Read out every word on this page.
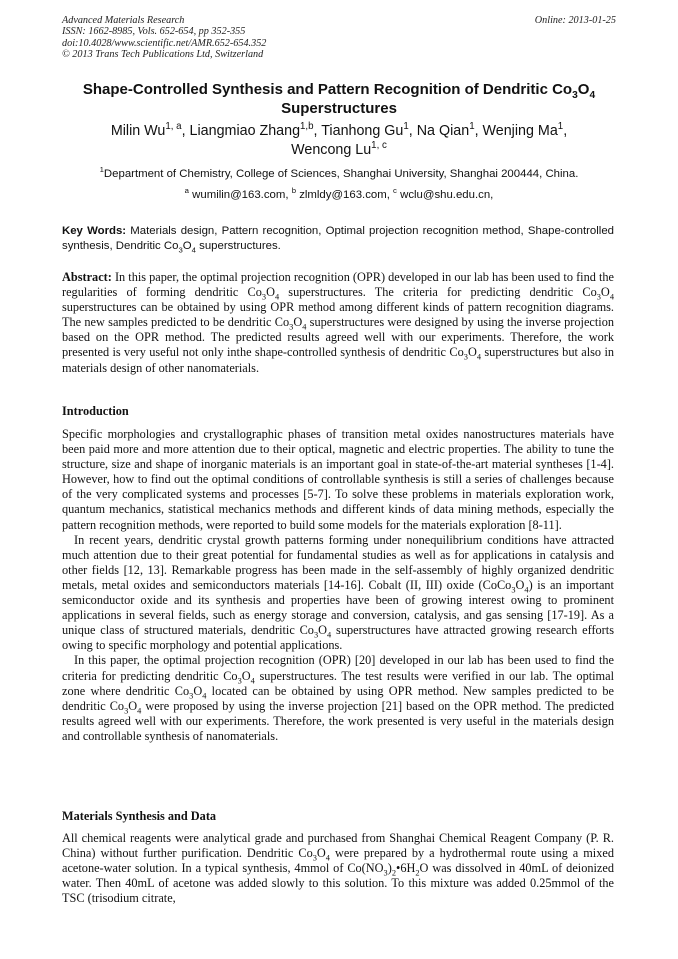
Advanced Materials Research
ISSN: 1662-8985, Vols. 652-654, pp 352-355
doi:10.4028/www.scientific.net/AMR.652-654.352
© 2013 Trans Tech Publications Ltd, Switzerland
Online: 2013-01-25
Shape-Controlled Synthesis and Pattern Recognition of Dendritic $Co_3O_4$
Superstructures
Milin Wu$^{1, a}$, Liangmiao Zhang$^{1,b}$, Tianhong Gu$^1$, Na Qian$^1$, Wenjing Ma$^1$,
Wencong Lu$^{1, c}$
$^1$Department of Chemistry, College of Sciences, Shanghai University, Shanghai 200444, China.
$^a$ wumilin@163.com, $^b$ zlmldy@163.com, $^c$ wclu@shu.edu.cn,
Key Words: Materials design, Pattern recognition, Optimal projection recognition method, Shape-controlled synthesis, Dendritic $Co_3O_4$ superstructures.

Abstract: In this paper, the optimal projection recognition (OPR) developed in our lab has been used to find the regularities of forming dendritic $Co_3O_4$ superstructures. The criteria for predicting dendritic $Co_3O_4$ superstructures can be obtained by using OPR method among different kinds of pattern recognition diagrams. The new samples predicted to be dendritic $Co_3O_4$ superstructures were designed by using the inverse projection based on the OPR method. The predicted results agreed well with our experiments. Therefore, the work presented is very useful not only inthe shape-controlled synthesis of dendritic $Co_3O_4$ superstructures but also in materials design of other nanomaterials.

Introduction

Specific morphologies and crystallographic phases of transition metal oxides nanostructures materials have been paid more and more attention due to their optical, magnetic and electric properties. The ability to tune the structure, size and shape of inorganic materials is an important goal in state-of-the-art material syntheses [1-4]. However, how to find out the optimal conditions of controllable synthesis is still a series of challenges because of the very complicated systems and processes [5-7]. To solve these problems in materials exploration work, quantum mechanics, statistical mechanics methods and different kinds of data mining methods, especially the pattern recognition methods, were reported to build some models for the materials exploration [8-11].

In recent years, dendritic crystal growth patterns forming under nonequilibrium conditions have attracted much attention due to their great potential for fundamental studies as well as for applications in catalysis and other fields [12, 13]. Remarkable progress has been made in the self-assembly of highly organized dendritic metals, metal oxides and semiconductors materials [14-16]. Cobalt (II, III) oxide $(CoCo_3O_4)$ is an important semiconductor oxide and its synthesis and properties have been of growing interest owing to prominent applications in several fields, such as energy storage and conversion, catalysis, and gas sensing [17-19]. As a unique class of structured materials, dendritic $Co_3O_4$ superstructures have attracted growing research efforts owing to specific morphology and potential applications.

In this paper, the optimal projection recognition (OPR) [20] developed in our lab has been used to find the criteria for predicting dendritic $Co_3O_4$ superstructures. The test results were verified in our lab. The optimal zone where dendritic $Co_3O_4$ located can be obtained by using OPR method. New samples predicted to be dendritic $Co_3O_4$ were proposed by using the inverse projection [21] based on the OPR method. The predicted results agreed well with our experiments. Therefore, the work presented is very useful in the materials design and controllable synthesis of nanomaterials.

Materials Synthesis and Data

All chemical reagents were analytical grade and purchased from Shanghai Chemical Reagent Company (P. R. China) without further purification. Dendritic $Co_3O_4$ were prepared by a hydrothermal route using a mixed acetone-water solution. In a typical synthesis, 4mmol of $Co(NO_3)_2•6H_2O$ was dissolved in 40mL of deionized water. Then 40mL of acetone was added slowly to this solution. To this mixture was added 0.25mmol of the TSC (trisodium citrate,
